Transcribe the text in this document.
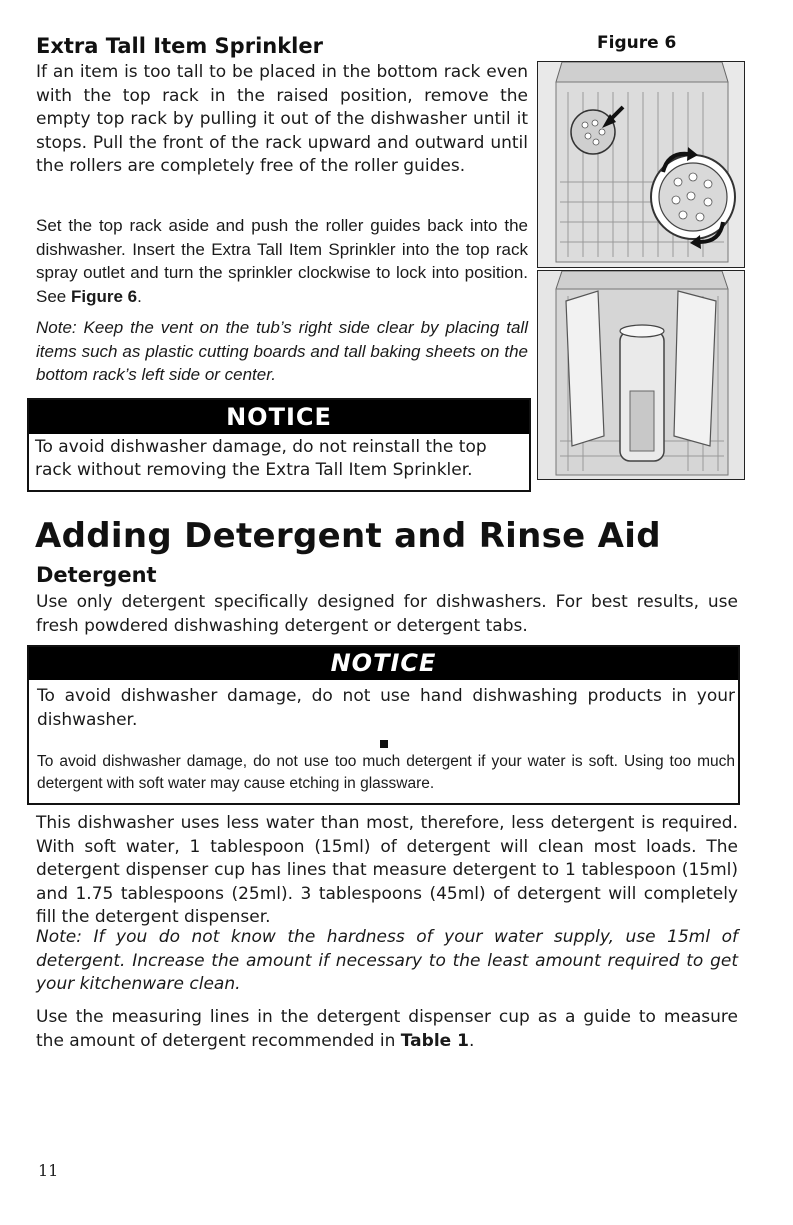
Extra Tall Item Sprinkler	Figure 6

If an item is too tall to be placed in the bottom rack even with the top rack in the raised position, remove the empty top rack by pulling it out of the dishwasher until it stops. Pull the front of the rack upward and outward until the rollers are completely free of the roller guides.

Set the top rack aside and push the roller guides back into the dishwasher. Insert the Extra Tall Item Sprinkler into the top rack spray outlet and turn the sprinkler clockwise to lock into position. See Figure 6.

Note: Keep the vent on the tub’s right side clear by placing tall items such as plastic cutting boards and tall baking sheets on the bottom rack’s left side or center.

NOTICE
To avoid dishwasher damage, do not reinstall the top rack without removing the Extra Tall Item Sprinkler.
Adding Detergent and Rinse Aid
Detergent

Use only detergent specifically designed for dishwashers. For best results, use fresh powdered dishwashing detergent or detergent tabs.

NOTICE
To avoid dishwasher damage, do not use hand dishwashing products in your dishwasher.
To avoid dishwasher damage, do not use too much detergent if your water is soft. Using too much detergent with soft water may cause etching in glassware.

This dishwasher uses less water than most, therefore, less detergent is required. With soft water, 1 tablespoon (15ml) of detergent will clean most loads. The detergent dispenser cup has lines that measure detergent to 1 tablespoon (15ml) and 1.75 tablespoons (25ml). 3 tablespoons (45ml) of detergent will completely fill the detergent dispenser.

Note: If you do not know the hardness of your water supply, use 15ml of detergent. Increase the amount if necessary to the least amount required to get your kitchenware clean.

Use the measuring lines in the detergent dispenser cup as a guide to measure the amount of detergent recommended in Table 1.

11
